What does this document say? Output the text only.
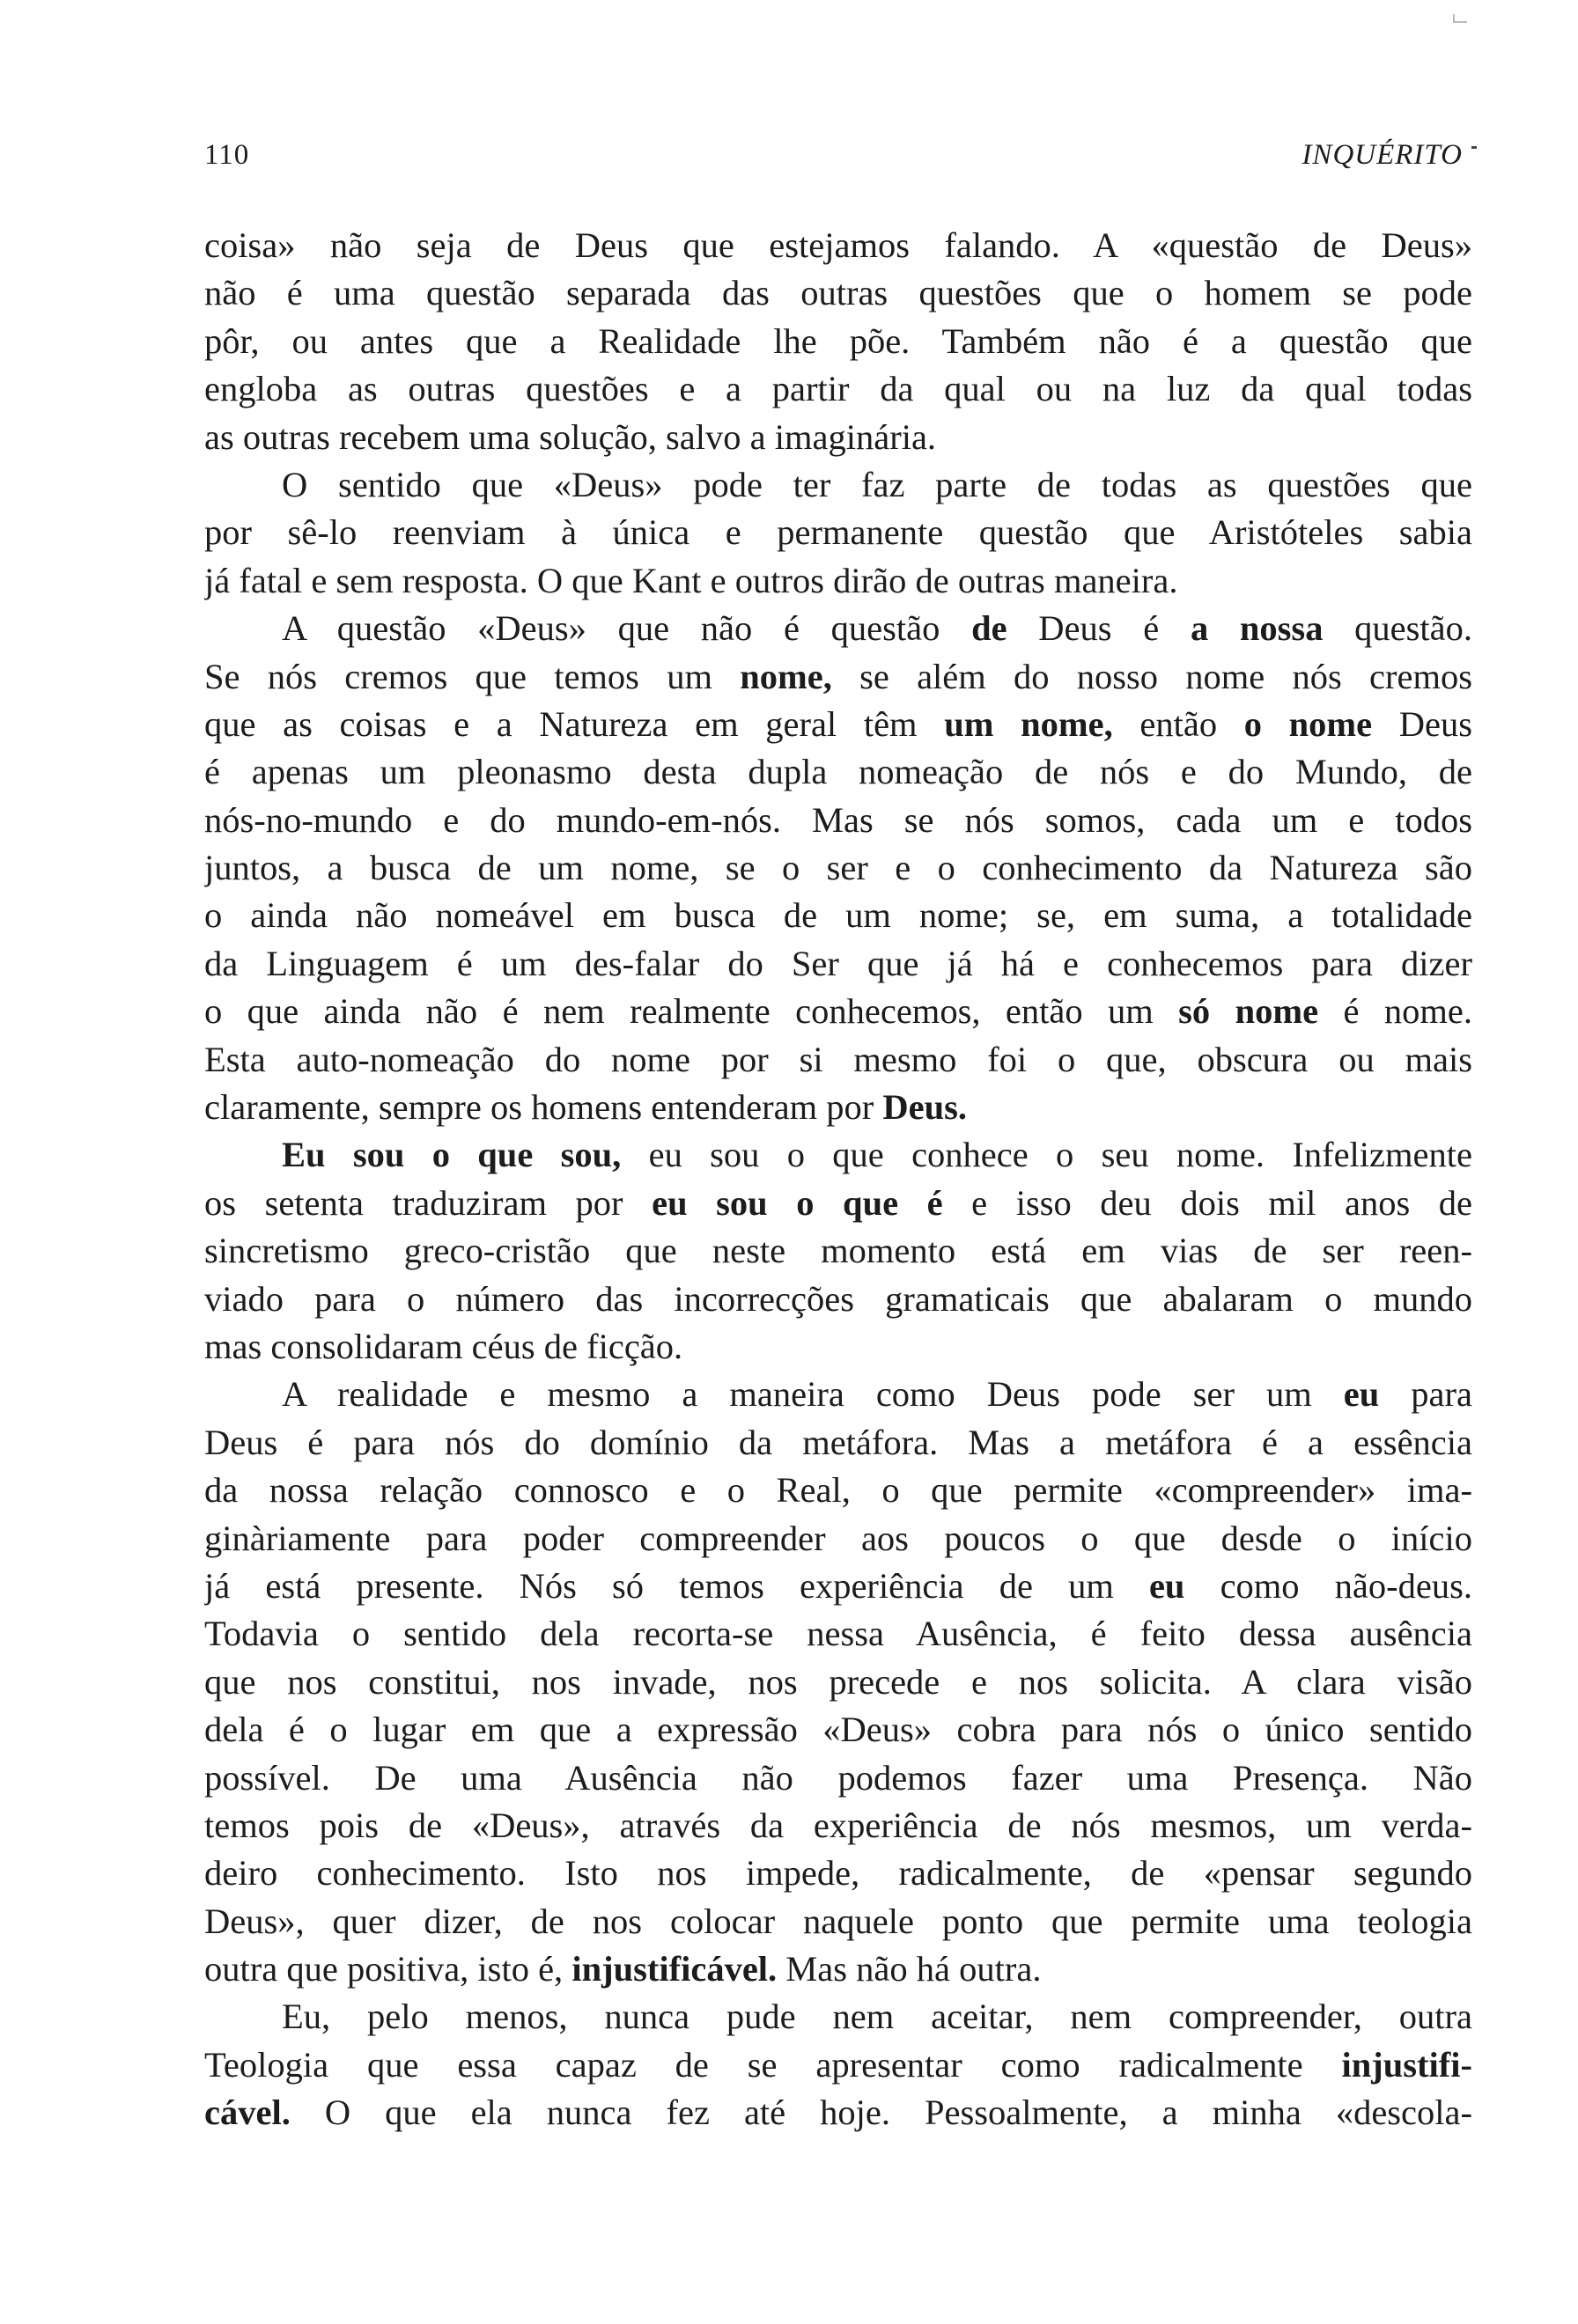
110	INQUÉRITO
coisa» não seja de Deus que estejamos falando. A «questão de Deus»
não é uma questão separada das outras questões que o homem se pode
pôr, ou antes que a Realidade lhe põe. Também não é a questão que
engloba as outras questões e a partir da qual ou na luz da qual todas
as outras recebem uma solução, salvo a imaginária.
O sentido que «Deus» pode ter faz parte de todas as questões que
por sê-lo reenviam à única e permanente questão que Aristóteles sabia
já fatal e sem resposta. O que Kant e outros dirão de outras maneira.
A questão «Deus» que não é questão de Deus é a nossa questão.
Se nós cremos que temos um nome, se além do nosso nome nós cremos
que as coisas e a Natureza em geral têm um nome, então o nome Deus
é apenas um pleonasmo desta dupla nomeação de nós e do Mundo, de
nós-no-mundo e do mundo-em-nós. Mas se nós somos, cada um e todos
juntos, a busca de um nome, se o ser e o conhecimento da Natureza são
o ainda não nomeável em busca de um nome; se, em suma, a totalidade
da Linguagem é um des-falar do Ser que já há e conhecemos para dizer
o que ainda não é nem realmente conhecemos, então um só nome é nome.
Esta auto-nomeação do nome por si mesmo foi o que, obscura ou mais
claramente, sempre os homens entenderam por Deus.
Eu sou o que sou, eu sou o que conhece o seu nome. Infelizmente
os setenta traduziram por eu sou o que é e isso deu dois mil anos de
sincretismo greco-cristão que neste momento está em vias de ser reen-
viado para o número das incorrecções gramaticais que abalaram o mundo
mas consolidaram céus de ficção.
A realidade e mesmo a maneira como Deus pode ser um eu para
Deus é para nós do domínio da metáfora. Mas a metáfora é a essência
da nossa relação connosco e o Real, o que permite «compreender» ima-
ginàriamente para poder compreender aos poucos o que desde o início
já está presente. Nós só temos experiência de um eu como não-deus.
Todavia o sentido dela recorta-se nessa Ausência, é feito dessa ausência
que nos constitui, nos invade, nos precede e nos solicita. A clara visão
dela é o lugar em que a expressão «Deus» cobra para nós o único sentido
possível. De uma Ausência não podemos fazer uma Presença. Não
temos pois de «Deus», através da experiência de nós mesmos, um verda-
deiro conhecimento. Isto nos impede, radicalmente, de «pensar segundo
Deus», quer dizer, de nos colocar naquele ponto que permite uma teologia
outra que positiva, isto é, injustificável. Mas não há outra.
Eu, pelo menos, nunca pude nem aceitar, nem compreender, outra
Teologia que essa capaz de se apresentar como radicalmente injustifi-
cável. O que ela nunca fez até hoje. Pessoalmente, a minha «descola-
